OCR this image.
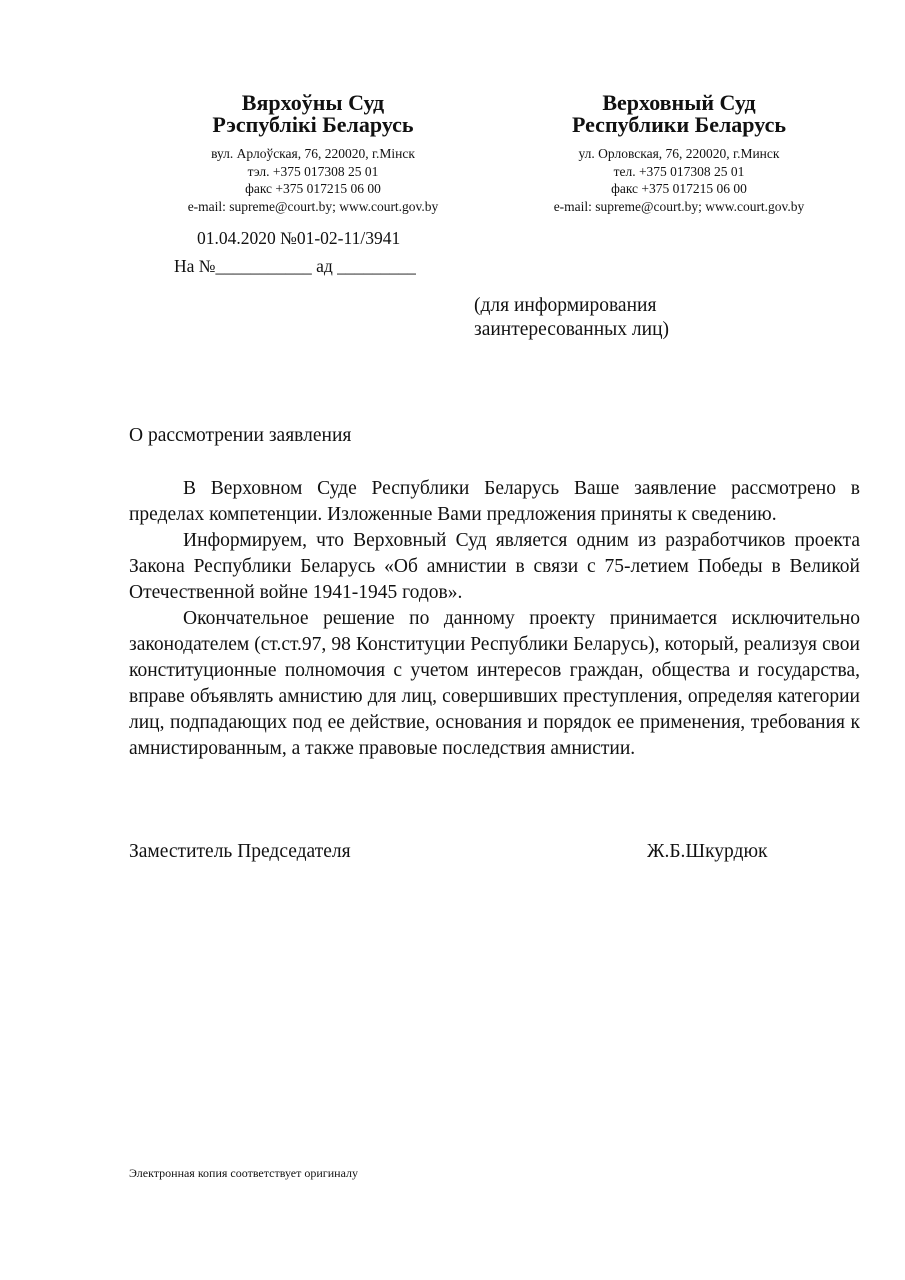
Вярхоўны Суд
Рэспублікі Беларусь
вул. Арлоўская, 76, 220020, г.Мінск
тэл. +375 017308 25 01
факс +375 017215 06 00
e-mail: supreme@court.by; www.court.gov.by
Верховный Суд
Республики Беларусь
ул. Орловская, 76, 220020, г.Минск
тел. +375 017308 25 01
факс +375 017215 06 00
e-mail: supreme@court.by; www.court.gov.by
01.04.2020 №01-02-11/3941
На №___________ ад _________
(для информирования
заинтересованных лиц)
О рассмотрении заявления

В Верховном Суде Республики Беларусь Ваше заявление рассмотрено в пределах компетенции. Изложенные Вами предложения приняты к сведению.

Информируем, что Верховный Суд является одним из разработчиков проекта Закона Республики Беларусь «Об амнистии в связи с 75-летием Победы в Великой Отечественной войне 1941-1945 годов».

Окончательное решение по данному проекту принимается исключительно законодателем (ст.ст.97, 98 Конституции Республики Беларусь), который, реализуя свои конституционные полномочия с учетом интересов граждан, общества и государства, вправе объявлять амнистию для лиц, совершивших преступления, определяя категории лиц, подпадающих под ее действие, основания и порядок ее применения, требования к амнистированным, а также правовые последствия амнистии.

Заместитель Председателя	Ж.Б.Шкурдюк
Электронная копия соответствует оригиналу
